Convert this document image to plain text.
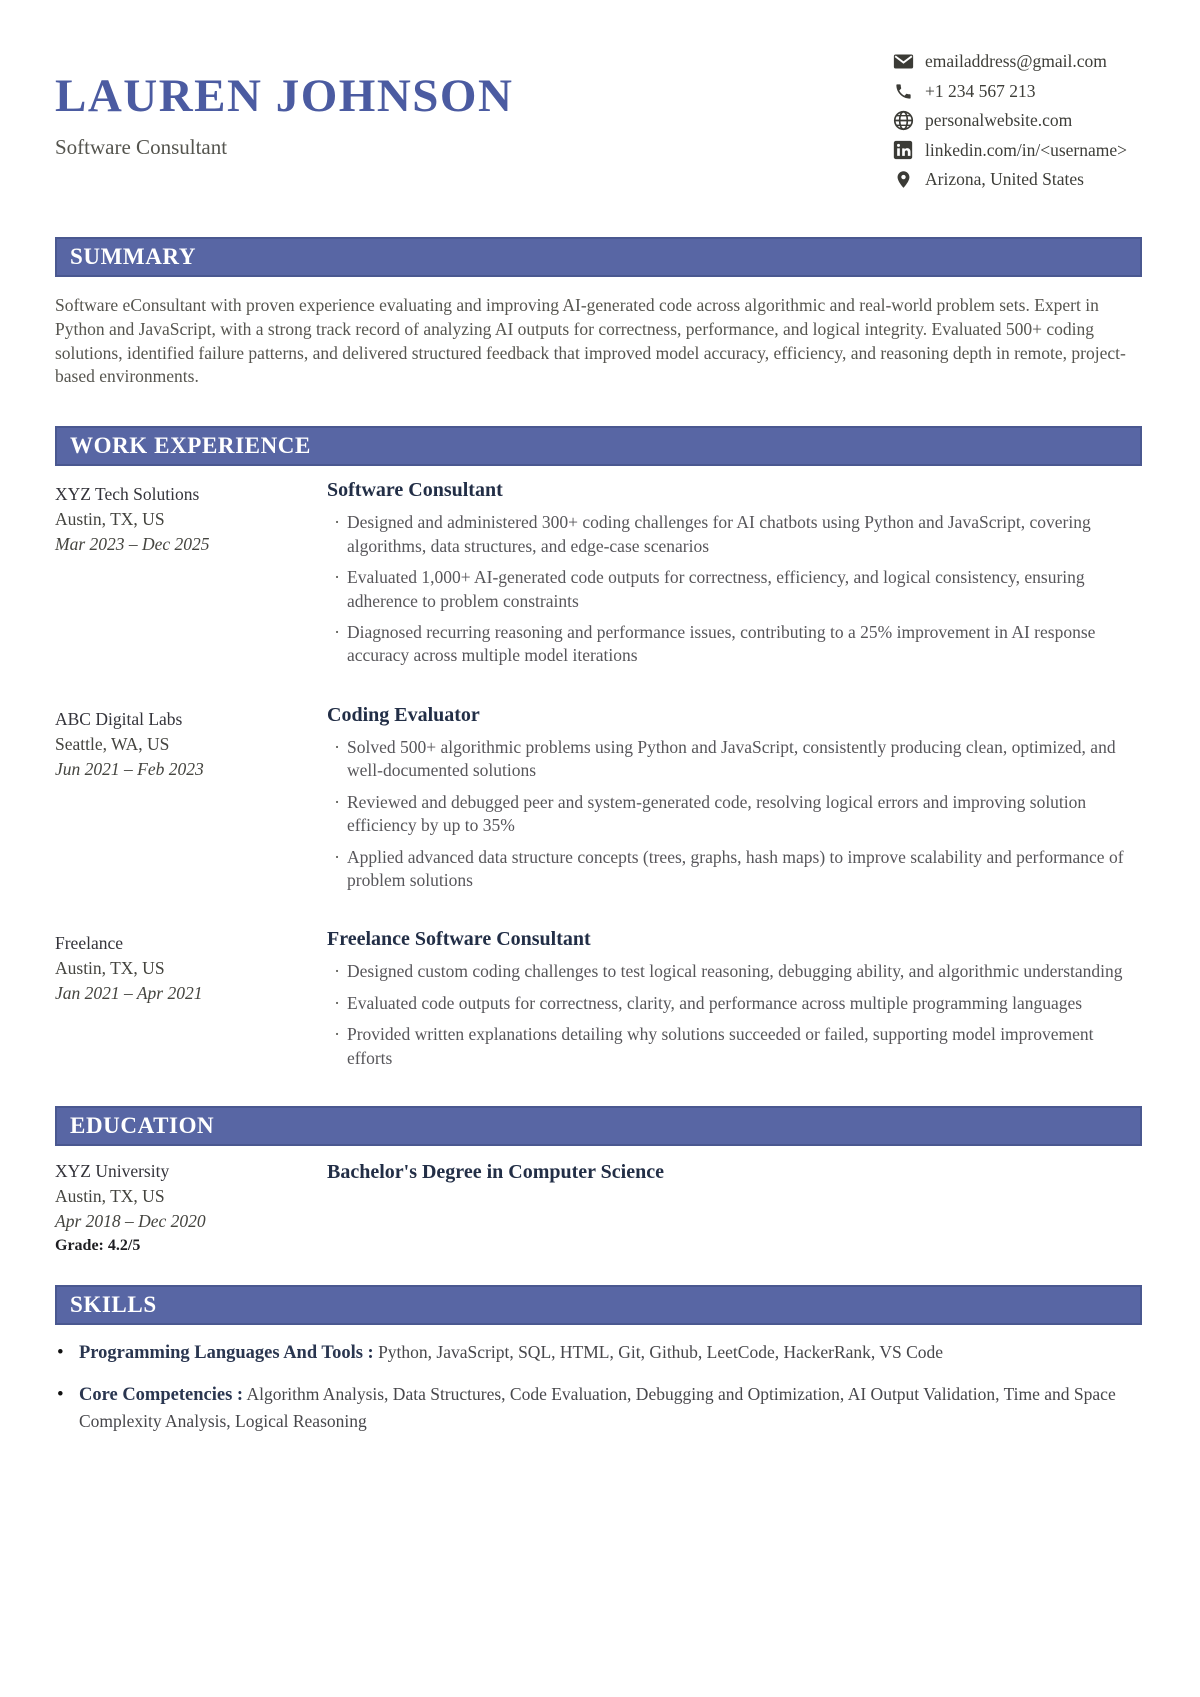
LAUREN JOHNSON
Software Consultant
emailaddress@gmail.com
+1 234 567 213
personalwebsite.com
linkedin.com/in/<username>
Arizona, United States
SUMMARY

Software eConsultant with proven experience evaluating and improving AI-generated code across algorithmic and real-world problem sets. Expert in Python and JavaScript, with a strong track record of analyzing AI outputs for correctness, performance, and logical integrity. Evaluated 500+ coding solutions, identified failure patterns, and delivered structured feedback that improved model accuracy, efficiency, and reasoning depth in remote, project-based environments.

WORK EXPERIENCE
XYZ Tech Solutions
Austin, TX, US
Mar 2023 – Dec 2025
Software Consultant
· Designed and administered 300+ coding challenges for AI chatbots using Python and JavaScript, covering algorithms, data structures, and edge-case scenarios
· Evaluated 1,000+ AI-generated code outputs for correctness, efficiency, and logical consistency, ensuring adherence to problem constraints
· Diagnosed recurring reasoning and performance issues, contributing to a 25% improvement in AI response accuracy across multiple model iterations
ABC Digital Labs
Seattle, WA, US
Jun 2021 – Feb 2023
Coding Evaluator
· Solved 500+ algorithmic problems using Python and JavaScript, consistently producing clean, optimized, and well-documented solutions
· Reviewed and debugged peer and system-generated code, resolving logical errors and improving solution efficiency by up to 35%
· Applied advanced data structure concepts (trees, graphs, hash maps) to improve scalability and performance of problem solutions
Freelance
Austin, TX, US
Jan 2021 – Apr 2021
Freelance Software Consultant
· Designed custom coding challenges to test logical reasoning, debugging ability, and algorithmic understanding
· Evaluated code outputs for correctness, clarity, and performance across multiple programming languages
· Provided written explanations detailing why solutions succeeded or failed, supporting model improvement efforts
EDUCATION
XYZ University
Austin, TX, US
Apr 2018 – Dec 2020
Grade: 4.2/5
Bachelor's Degree in Computer Science
SKILLS
• Programming Languages And Tools : Python, JavaScript, SQL, HTML, Git, Github, LeetCode, HackerRank, VS Code
• Core Competencies : Algorithm Analysis, Data Structures, Code Evaluation, Debugging and Optimization, AI Output Validation, Time and Space Complexity Analysis, Logical Reasoning
